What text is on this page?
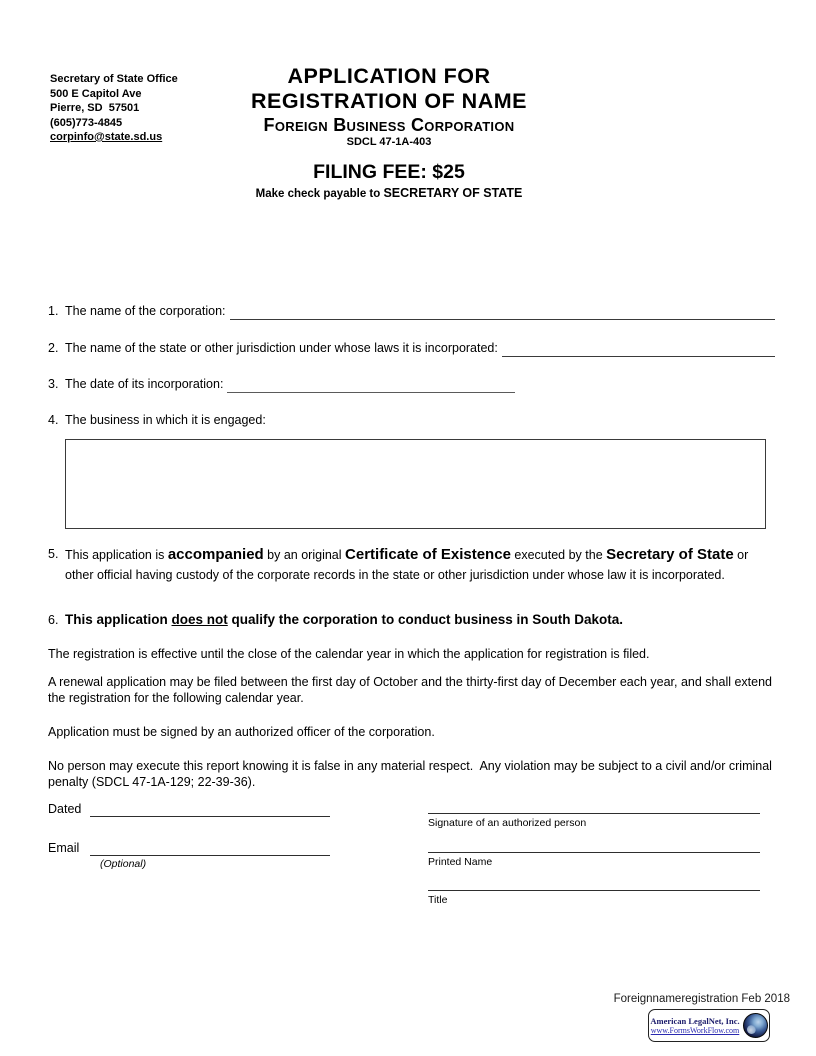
Secretary of State Office
500 E Capitol Ave
Pierre, SD  57501
(605)773-4845
corpinfo@state.sd.us
APPLICATION FOR
REGISTRATION OF NAME
Foreign Business Corporation
SDCL 47-1A-403
FILING FEE: $25
Make check payable to SECRETARY OF STATE
1. The name of the corporation:
2. The name of the state or other jurisdiction under whose laws it is incorporated:
3. The date of its incorporation:
4. The business in which it is engaged:
5. This application is accompanied by an original Certificate of Existence executed by the Secretary of State or other official having custody of the corporate records in the state or other jurisdiction under whose law it is incorporated.
6. This application does not qualify the corporation to conduct business in South Dakota.
The registration is effective until the close of the calendar year in which the application for registration is filed.
A renewal application may be filed between the first day of October and the thirty-first day of December each year, and shall extend the registration for the following calendar year.
Application must be signed by an authorized officer of the corporation.
No person may execute this report knowing it is false in any material respect.  Any violation may be subject to a civil and/or criminal penalty (SDCL 47-1A-129; 22-39-36).
Dated
Email
(Optional)
Signature of an authorized person
Printed Name
Title
Foreignnameregistration Feb 2018
American LegalNet, Inc.
www.FormsWorkFlow.com
